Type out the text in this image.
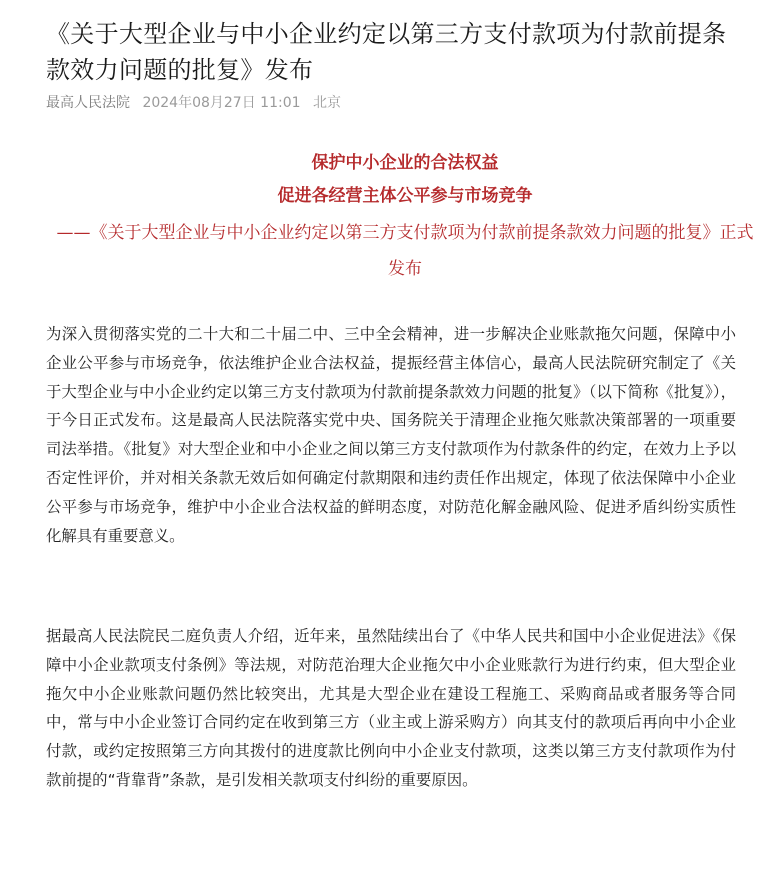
《关于大型企业与中小企业约定以第三方支付款项为付款前提条款效力问题的批复》发布
最高人民法院 2024年08月27日 11:01 北京

保护中小企业的合法权益

促进各经营主体公平参与市场竞争

——《关于大型企业与中小企业约定以第三方支付款项为付款前提条款效力问题的批复》正式发布

为深入贯彻落实党的二十大和二十届二中、三中全会精神，进一步解决企业账款拖欠问题，保障中小企业公平参与市场竞争，依法维护企业合法权益，提振经营主体信心，最高人民法院研究制定了《关于大型企业与中小企业约定以第三方支付款项为付款前提条款效力问题的批复》（以下简称《批复》），于今日正式发布。这是最高人民法院落实党中央、国务院关于清理企业拖欠账款决策部署的一项重要司法举措。《批复》对大型企业和中小企业之间以第三方支付款项作为付款条件的约定，在效力上予以否定性评价，并对相关条款无效后如何确定付款期限和违约责任作出规定，体现了依法保障中小企业公平参与市场竞争，维护中小企业合法权益的鲜明态度，对防范化解金融风险、促进矛盾纠纷实质性化解具有重要意义。

据最高人民法院民二庭负责人介绍，近年来，虽然陆续出台了《中华人民共和国中小企业促进法》《保障中小企业款项支付条例》等法规，对防范治理大企业拖欠中小企业账款行为进行约束，但大型企业拖欠中小企业账款问题仍然比较突出，尤其是大型企业在建设工程施工、采购商品或者服务等合同中，常与中小企业签订合同约定在收到第三方（业主或上游采购方）向其支付的款项后再向中小企业付款，或约定按照第三方向其拨付的进度款比例向中小企业支付款项，这类以第三方支付款项作为付款前提的“背靠背”条款，是引发相关款项支付纠纷的重要原因。
